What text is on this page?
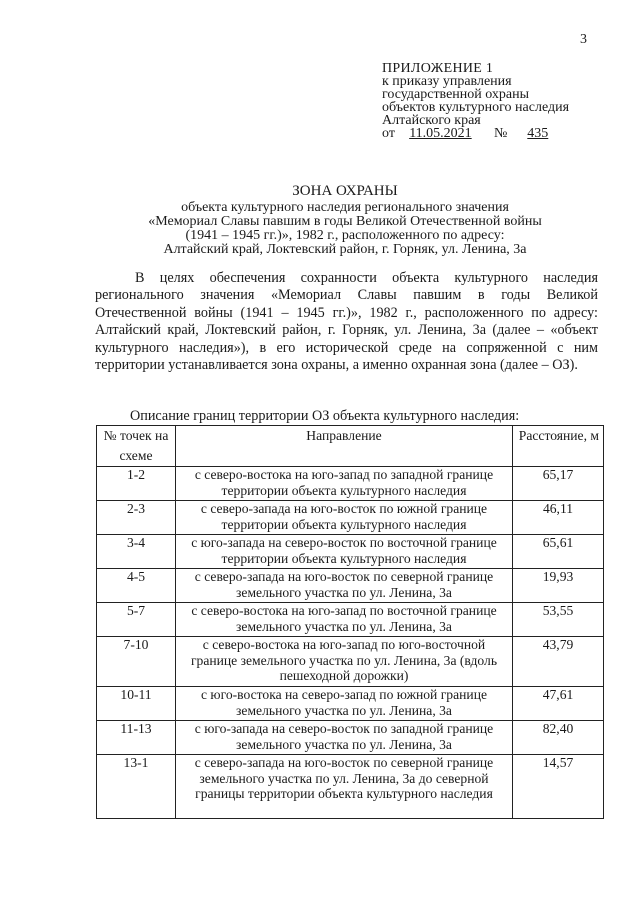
3
ПРИЛОЖЕНИЕ 1
к приказу управления
государственной охраны
объектов культурного наследия
Алтайского края
от 11.05.2021 № 435
ЗОНА ОХРАНЫ
объекта культурного наследия регионального значения
«Мемориал Славы павшим в годы Великой Отечественной войны
(1941 – 1945 гг.)», 1982 г., расположенного по адресу:
Алтайский край, Локтевский район, г. Горняк, ул. Ленина, 3а

В целях обеспечения сохранности объекта культурного наследия регионального значения «Мемориал Славы павшим в годы Великой Отечественной войны (1941 – 1945 гг.)», 1982 г., расположенного по адресу: Алтайский край, Локтевский район, г. Горняк, ул. Ленина, 3а (далее – «объект культурного наследия»), в его исторической среде на сопряженной с ним территории устанавливается зона охраны, а именно охранная зона (далее – ОЗ).

Описание границ территории ОЗ объекта культурного наследия:
№ точек на схеме	Направление	Расстояние, м
1-2	с северо-востока на юго-запад по западной границе территории объекта культурного наследия	65,17
2-3	с северо-запада на юго-восток по южной границе территории объекта культурного наследия	46,11
3-4	с юго-запада на северо-восток по восточной границе территории объекта культурного наследия	65,61
4-5	с северо-запада на юго-восток по северной границе земельного участка по ул. Ленина, 3а	19,93
5-7	с северо-востока на юго-запад по восточной границе земельного участка по ул. Ленина, 3а	53,55
7-10	с северо-востока на юго-запад по юго-восточной границе земельного участка по ул. Ленина, 3а (вдоль пешеходной дорожки)	43,79
10-11	с юго-востока на северо-запад по южной границе земельного участка по ул. Ленина, 3а	47,61
11-13	с юго-запада на северо-восток по западной границе земельного участка по ул. Ленина, 3а	82,40
13-1	с северо-запада на юго-восток по северной границе земельного участка по ул. Ленина, 3а до северной границы территории объекта культурного наследия	14,57
